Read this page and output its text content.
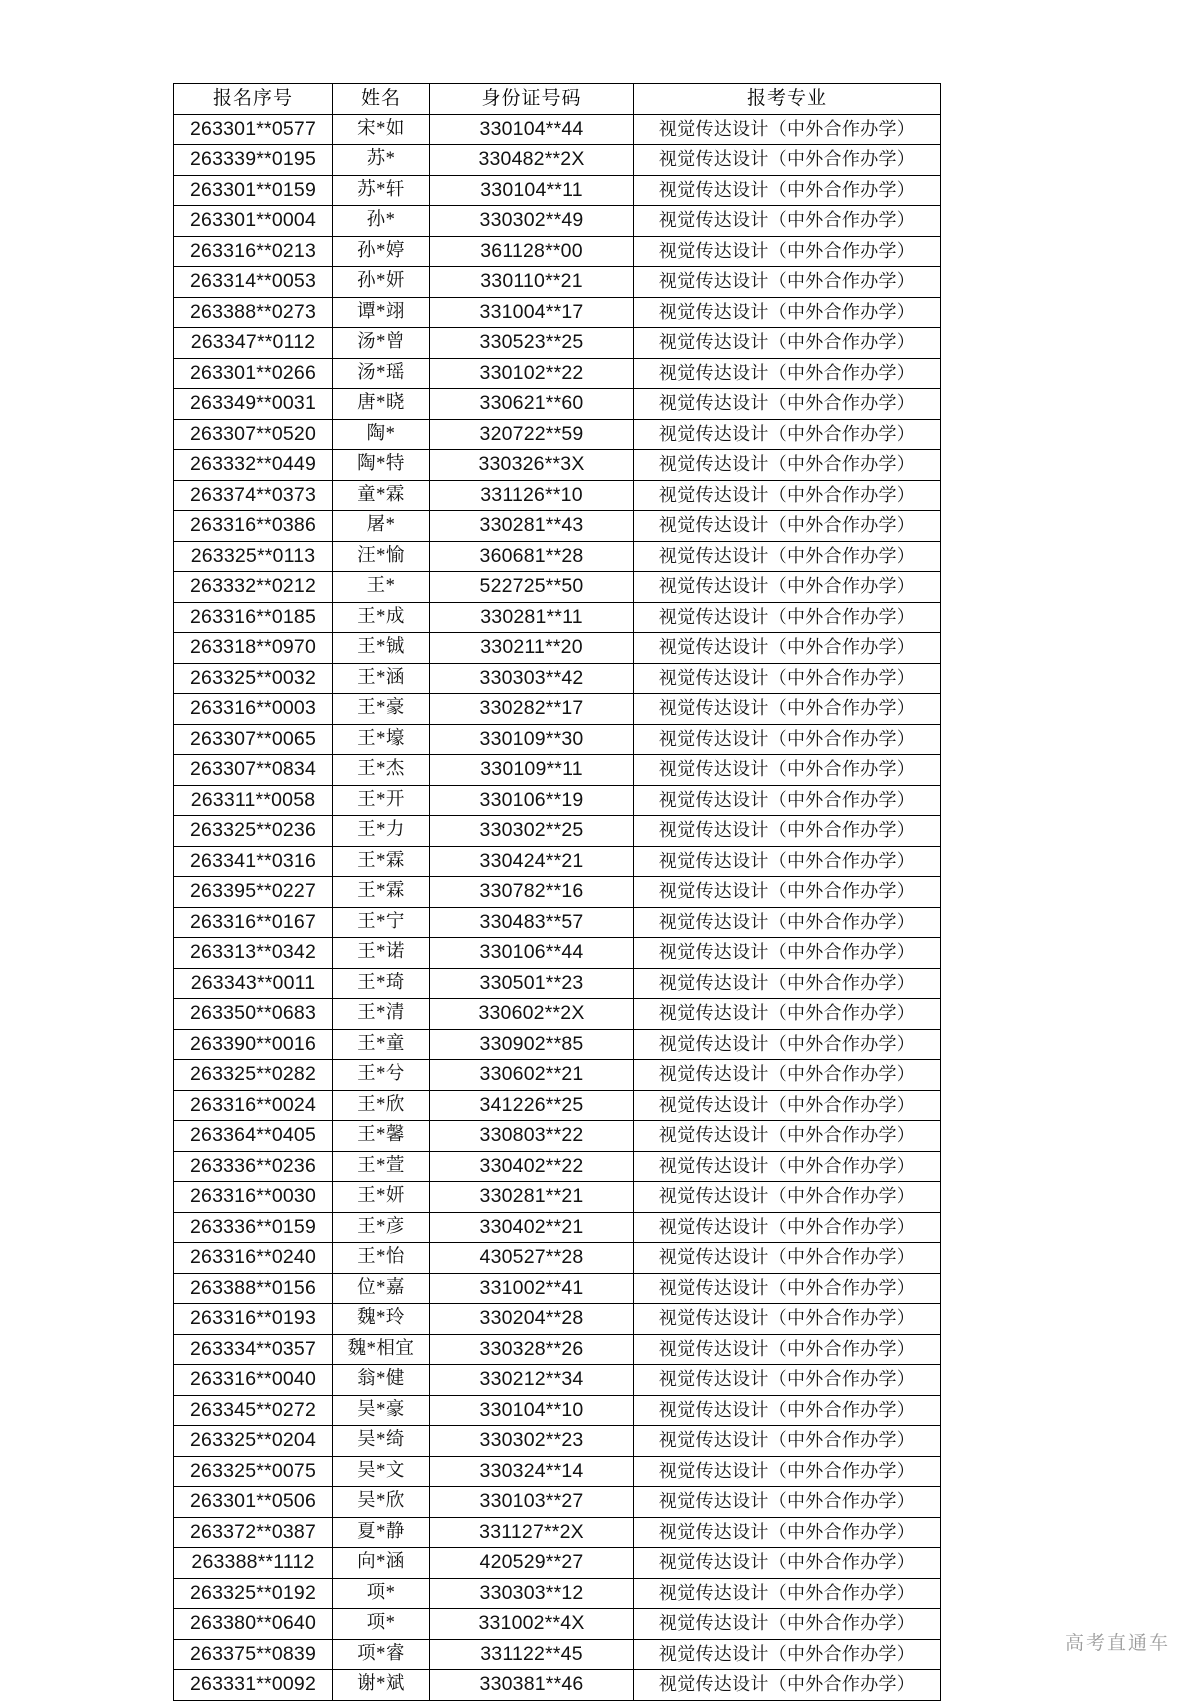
报名序号	姓名	身份证号码	报考专业
263301**0577	宋*如	330104**44	视觉传达设计（中外合作办学）
263339**0195	苏*	330482**2X	视觉传达设计（中外合作办学）
263301**0159	苏*轩	330104**11	视觉传达设计（中外合作办学）
263301**0004	孙*	330302**49	视觉传达设计（中外合作办学）
263316**0213	孙*婷	361128**00	视觉传达设计（中外合作办学）
263314**0053	孙*妍	330110**21	视觉传达设计（中外合作办学）
263388**0273	谭*翊	331004**17	视觉传达设计（中外合作办学）
263347**0112	汤*曾	330523**25	视觉传达设计（中外合作办学）
263301**0266	汤*瑶	330102**22	视觉传达设计（中外合作办学）
263349**0031	唐*晓	330621**60	视觉传达设计（中外合作办学）
263307**0520	陶*	320722**59	视觉传达设计（中外合作办学）
263332**0449	陶*特	330326**3X	视觉传达设计（中外合作办学）
263374**0373	童*霖	331126**10	视觉传达设计（中外合作办学）
263316**0386	屠*	330281**43	视觉传达设计（中外合作办学）
263325**0113	汪*愉	360681**28	视觉传达设计（中外合作办学）
263332**0212	王*	522725**50	视觉传达设计（中外合作办学）
263316**0185	王*成	330281**11	视觉传达设计（中外合作办学）
263318**0970	王*铖	330211**20	视觉传达设计（中外合作办学）
263325**0032	王*涵	330303**42	视觉传达设计（中外合作办学）
263316**0003	王*豪	330282**17	视觉传达设计（中外合作办学）
263307**0065	王*壕	330109**30	视觉传达设计（中外合作办学）
263307**0834	王*杰	330109**11	视觉传达设计（中外合作办学）
263311**0058	王*开	330106**19	视觉传达设计（中外合作办学）
263325**0236	王*力	330302**25	视觉传达设计（中外合作办学）
263341**0316	王*霖	330424**21	视觉传达设计（中外合作办学）
263395**0227	王*霖	330782**16	视觉传达设计（中外合作办学）
263316**0167	王*宁	330483**57	视觉传达设计（中外合作办学）
263313**0342	王*诺	330106**44	视觉传达设计（中外合作办学）
263343**0011	王*琦	330501**23	视觉传达设计（中外合作办学）
263350**0683	王*清	330602**2X	视觉传达设计（中外合作办学）
263390**0016	王*童	330902**85	视觉传达设计（中外合作办学）
263325**0282	王*兮	330602**21	视觉传达设计（中外合作办学）
263316**0024	王*欣	341226**25	视觉传达设计（中外合作办学）
263364**0405	王*馨	330803**22	视觉传达设计（中外合作办学）
263336**0236	王*萱	330402**22	视觉传达设计（中外合作办学）
263316**0030	王*妍	330281**21	视觉传达设计（中外合作办学）
263336**0159	王*彦	330402**21	视觉传达设计（中外合作办学）
263316**0240	王*怡	430527**28	视觉传达设计（中外合作办学）
263388**0156	位*嘉	331002**41	视觉传达设计（中外合作办学）
263316**0193	魏*玲	330204**28	视觉传达设计（中外合作办学）
263334**0357	魏*相宜	330328**26	视觉传达设计（中外合作办学）
263316**0040	翁*健	330212**34	视觉传达设计（中外合作办学）
263345**0272	吴*豪	330104**10	视觉传达设计（中外合作办学）
263325**0204	吴*绮	330302**23	视觉传达设计（中外合作办学）
263325**0075	吴*文	330324**14	视觉传达设计（中外合作办学）
263301**0506	吴*欣	330103**27	视觉传达设计（中外合作办学）
263372**0387	夏*静	331127**2X	视觉传达设计（中外合作办学）
263388**1112	向*涵	420529**27	视觉传达设计（中外合作办学）
263325**0192	项*	330303**12	视觉传达设计（中外合作办学）
263380**0640	项*	331002**4X	视觉传达设计（中外合作办学）
263375**0839	项*睿	331122**45	视觉传达设计（中外合作办学）
263331**0092	谢*斌	330381**46	视觉传达设计（中外合作办学）
高考直通车
